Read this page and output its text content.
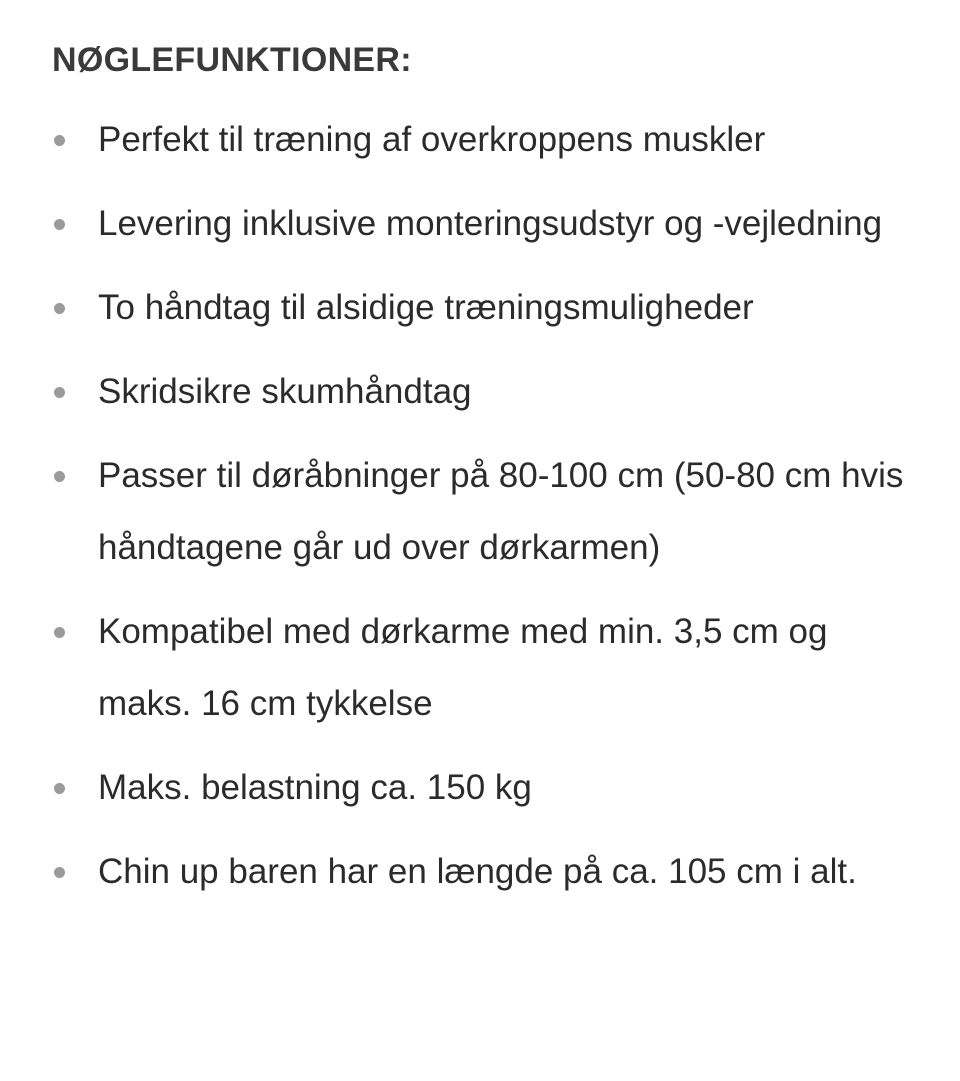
NØGLEFUNKTIONER:
Perfekt til træning af overkroppens muskler
Levering inklusive monteringsudstyr og -vejledning
To håndtag til alsidige træningsmuligheder
Skridsikre skumhåndtag
Passer til døråbninger på 80-100 cm (50-80 cm hvis håndtagene går ud over dørkarmen)
Kompatibel med dørkarme med min. 3,5 cm og maks. 16 cm tykkelse
Maks. belastning ca. 150 kg
Chin up baren har en længde på ca. 105 cm i alt.
